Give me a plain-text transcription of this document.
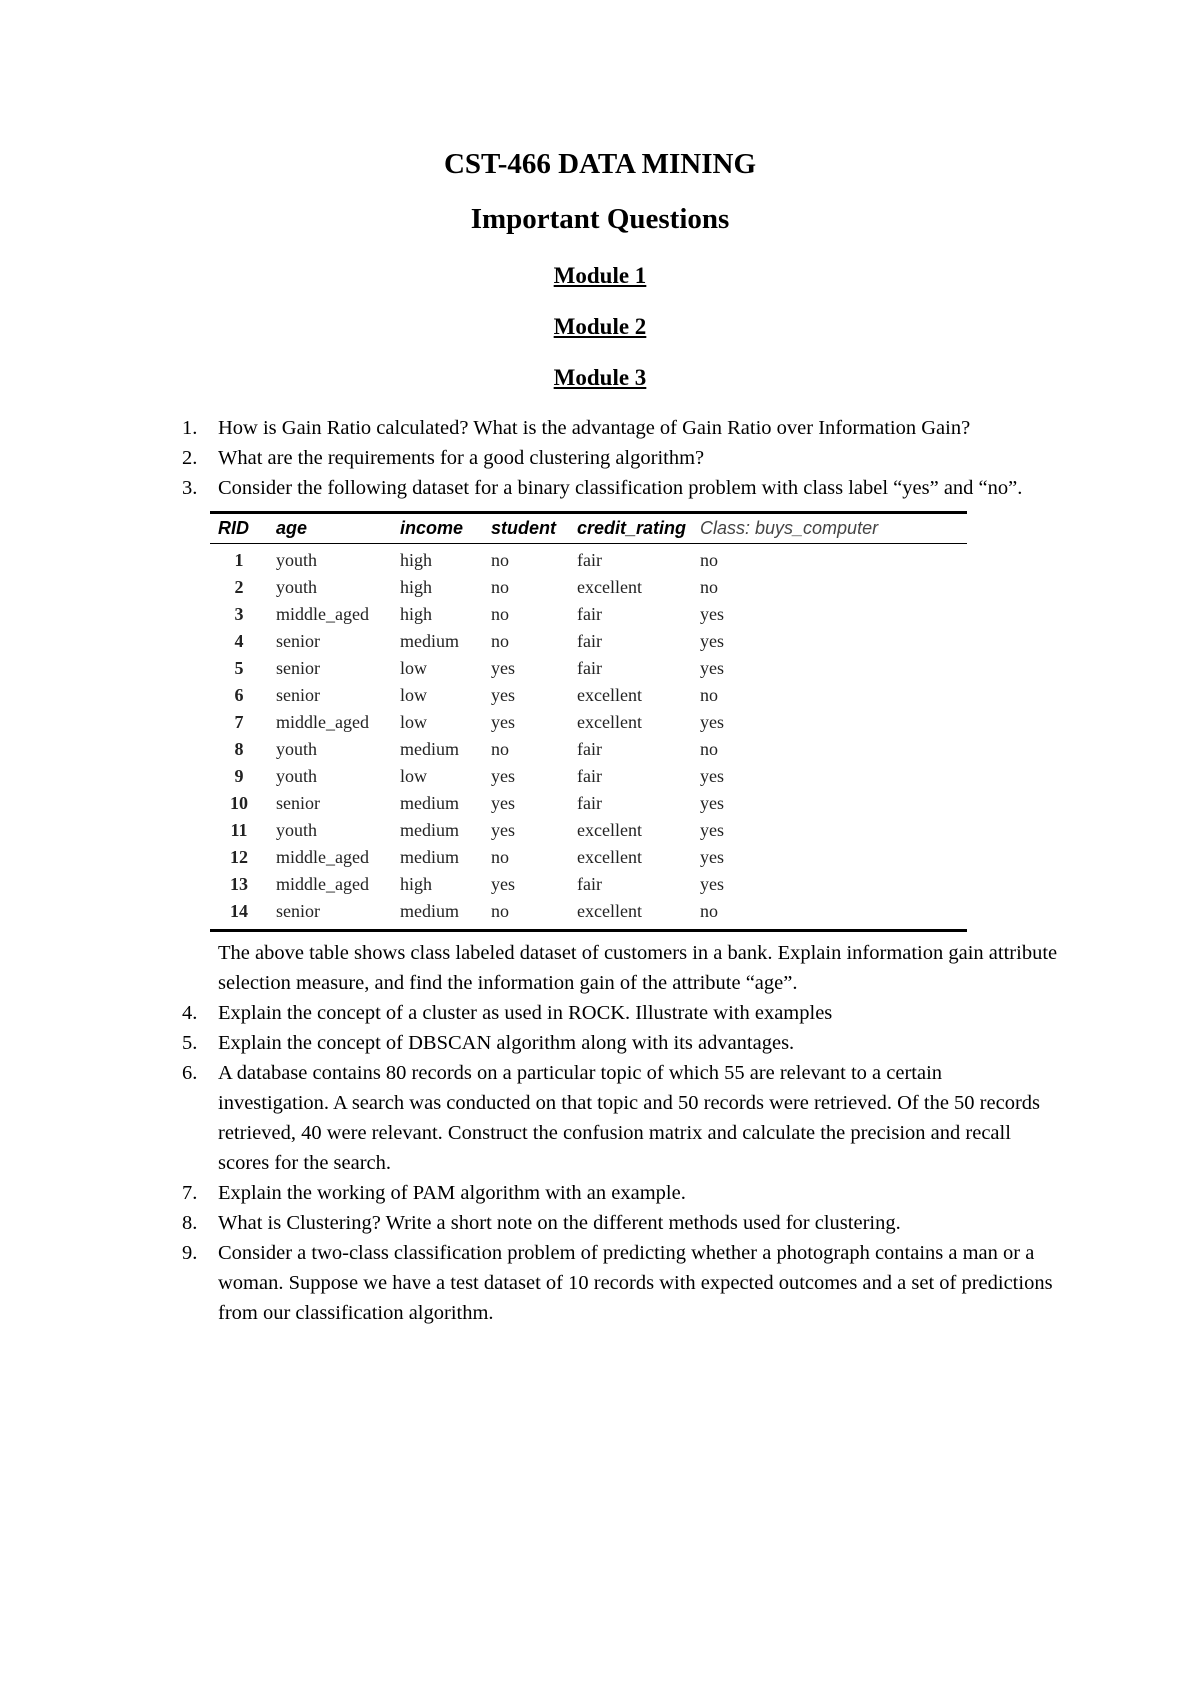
CST-466 DATA MINING
Important Questions

Module 1

Module 2

Module 3

1. How is Gain Ratio calculated? What is the advantage of Gain Ratio over Information Gain?
2. What are the requirements for a good clustering algorithm?
3. Consider the following dataset for a binary classification problem with class label “yes” and “no”.
RID	age	income	student	credit_rating	Class: buys_computer
1	youth	high	no	fair	no
2	youth	high	no	excellent	no
3	middle_aged	high	no	fair	yes
4	senior	medium	no	fair	yes
5	senior	low	yes	fair	yes
6	senior	low	yes	excellent	no
7	middle_aged	low	yes	excellent	yes
8	youth	medium	no	fair	no
9	youth	low	yes	fair	yes
10	senior	medium	yes	fair	yes
11	youth	medium	yes	excellent	yes
12	middle_aged	medium	no	excellent	yes
13	middle_aged	high	yes	fair	yes
14	senior	medium	no	excellent	no

The above table shows class labeled dataset of customers in a bank. Explain information gain attribute selection measure, and find the information gain of the attribute “age”.

4. Explain the concept of a cluster as used in ROCK. Illustrate with examples
5. Explain the concept of DBSCAN algorithm along with its advantages.
6. A database contains 80 records on a particular topic of which 55 are relevant to a certain investigation. A search was conducted on that topic and 50 records were retrieved. Of the 50 records retrieved, 40 were relevant. Construct the confusion matrix and calculate the precision and recall scores for the search.
7. Explain the working of PAM algorithm with an example.
8. What is Clustering? Write a short note on the different methods used for clustering.
9. Consider a two-class classification problem of predicting whether a photograph contains a man or a woman. Suppose we have a test dataset of 10 records with expected outcomes and a set of predictions from our classification algorithm.
